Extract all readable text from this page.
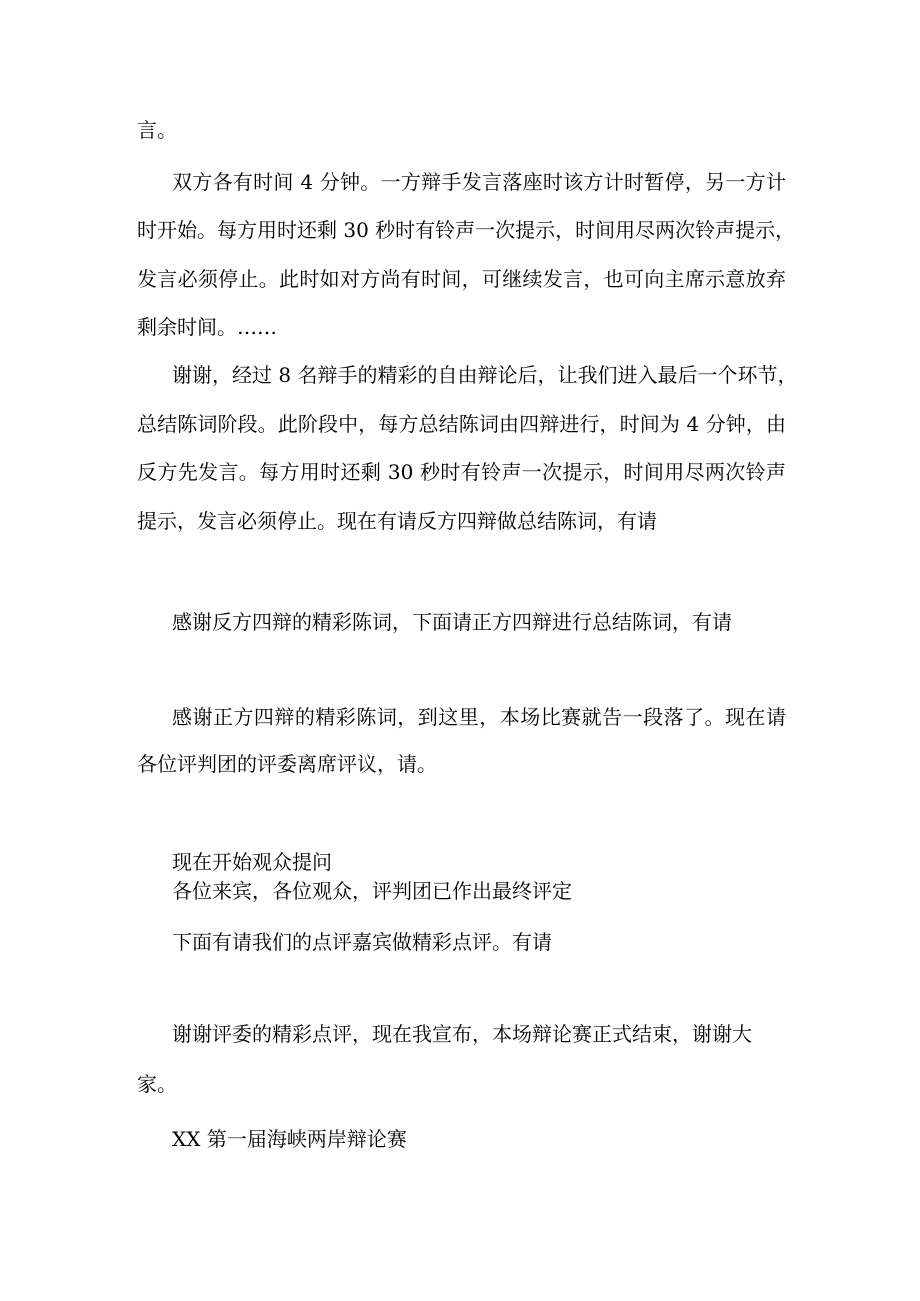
言。

双方各有时间 4 分钟。一方辩手发言落座时该方计时暂停，另一方计

时开始。每方用时还剩 30 秒时有铃声一次提示，时间用尽两次铃声提示，

发言必须停止。此时如对方尚有时间，可继续发言，也可向主席示意放弃

剩余时间。……

谢谢，经过 8 名辩手的精彩的自由辩论后，让我们进入最后一个环节，

总结陈词阶段。此阶段中，每方总结陈词由四辩进行，时间为 4 分钟，由

反方先发言。每方用时还剩 30 秒时有铃声一次提示，时间用尽两次铃声

提示，发言必须停止。现在有请反方四辩做总结陈词，有请

感谢反方四辩的精彩陈词，下面请正方四辩进行总结陈词，有请

感谢正方四辩的精彩陈词，到这里，本场比赛就告一段落了。现在请

各位评判团的评委离席评议，请。

现在开始观众提问

各位来宾，各位观众，评判团已作出最终评定

下面有请我们的点评嘉宾做精彩点评。有请

谢谢评委的精彩点评，现在我宣布，本场辩论赛正式结束，谢谢大

家。

XX 第一届海峡两岸辩论赛
